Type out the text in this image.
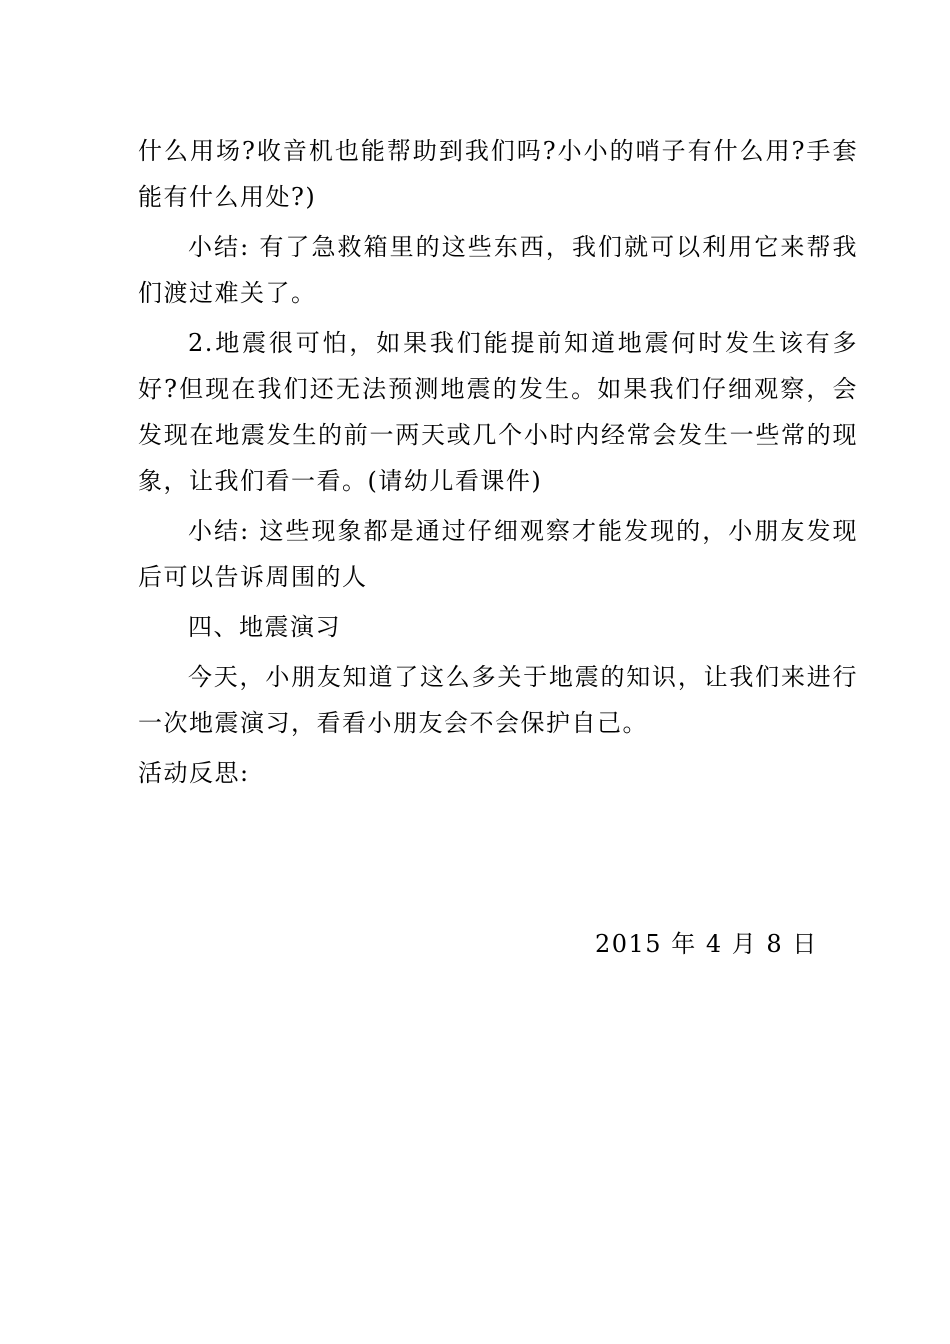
什么用场?收音机也能帮助到我们吗?小小的哨子有什么用?手套能有什么用处?)

小结: 有了急救箱里的这些东西，我们就可以利用它来帮我们渡过难关了。

2.地震很可怕，如果我们能提前知道地震何时发生该有多好?但现在我们还无法预测地震的发生。如果我们仔细观察，会发现在地震发生的前一两天或几个小时内经常会发生一些常的现象，让我们看一看。(请幼儿看课件)

小结: 这些现象都是通过仔细观察才能发现的，小朋友发现后可以告诉周围的人

四、地震演习

今天，小朋友知道了这么多关于地震的知识，让我们来进行一次地震演习，看看小朋友会不会保护自己。

活动反思:

2015 年 4 月 8 日
